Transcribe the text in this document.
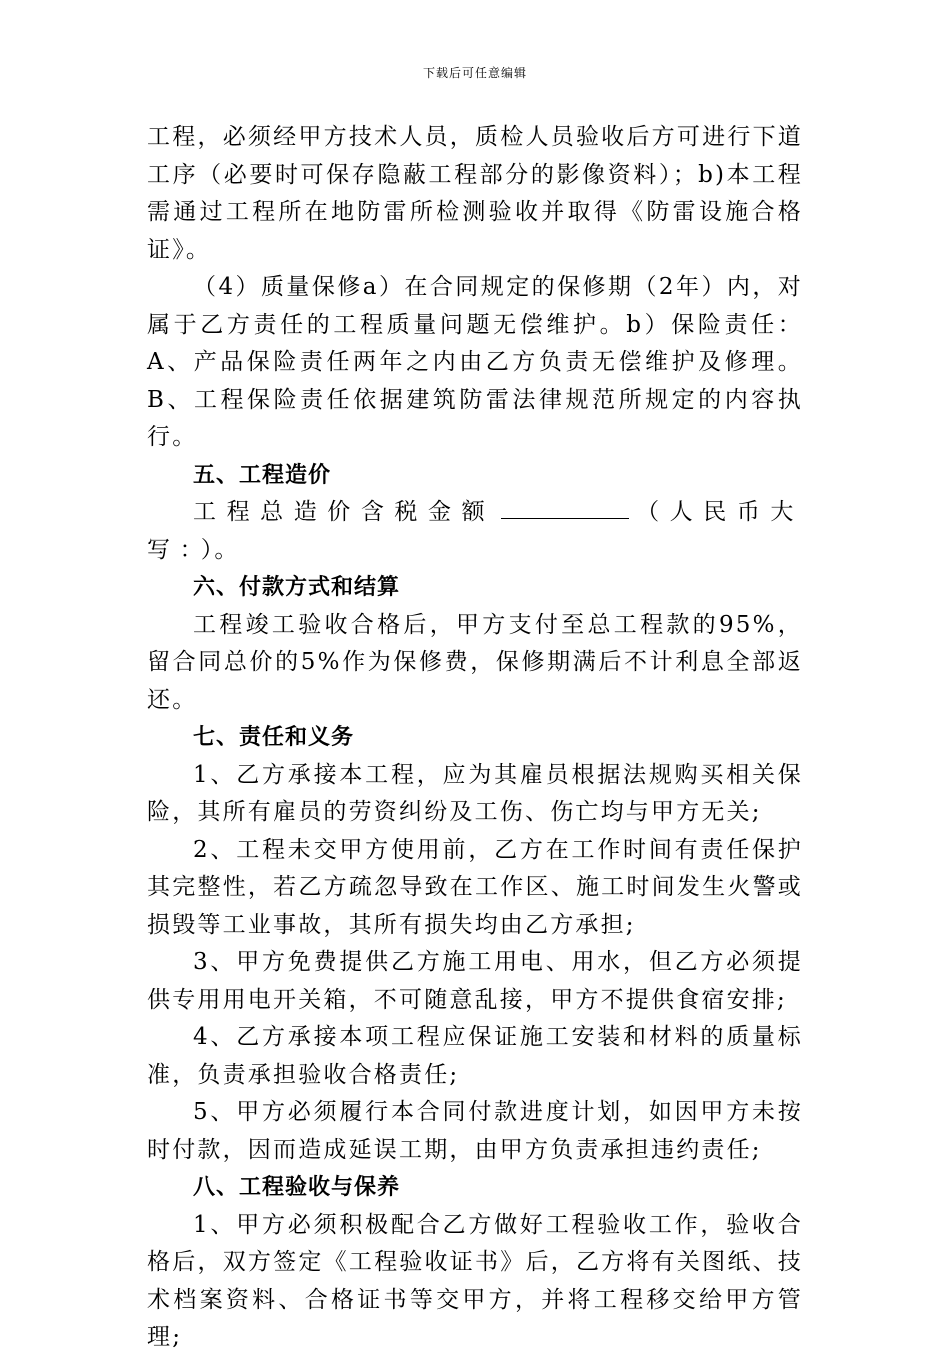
下载后可任意编辑

工程，必须经甲方技术人员，质检人员验收后方可进行下道工序（必要时可保存隐蔽工程部分的影像资料）；b)本工程需通过工程所在地防雷所检测验收并取得《防雷设施合格证》。

（4）质量保修a）在合同规定的保修期（2年）内，对属于乙方责任的工程质量问题无偿维护。b）保险责任：A、产品保险责任两年之内由乙方负责无偿维护及修理。B、工程保险责任依据建筑防雷法律规范所规定的内容执行。

五、工程造价

工程总造价含税金额	（人民币大写：）。

六、付款方式和结算

工程竣工验收合格后，甲方支付至总工程款的95%，留合同总价的5%作为保修费，保修期满后不计利息全部返还。

七、责任和义务

1、乙方承接本工程，应为其雇员根据法规购买相关保险，其所有雇员的劳资纠纷及工伤、伤亡均与甲方无关;

2、工程未交甲方使用前，乙方在工作时间有责任保护其完整性，若乙方疏忽导致在工作区、施工时间发生火警或损毁等工业事故，其所有损失均由乙方承担;

3、甲方免费提供乙方施工用电、用水，但乙方必须提供专用用电开关箱，不可随意乱接，甲方不提供食宿安排;

4、乙方承接本项工程应保证施工安装和材料的质量标准，负责承担验收合格责任;

5、甲方必须履行本合同付款进度计划，如因甲方未按时付款，因而造成延误工期，由甲方负责承担违约责任;

八、工程验收与保养

1、甲方必须积极配合乙方做好工程验收工作，验收合格后，双方签定《工程验收证书》后，乙方将有关图纸、技术档案资料、合格证书等交甲方，并将工程移交给甲方管理;
